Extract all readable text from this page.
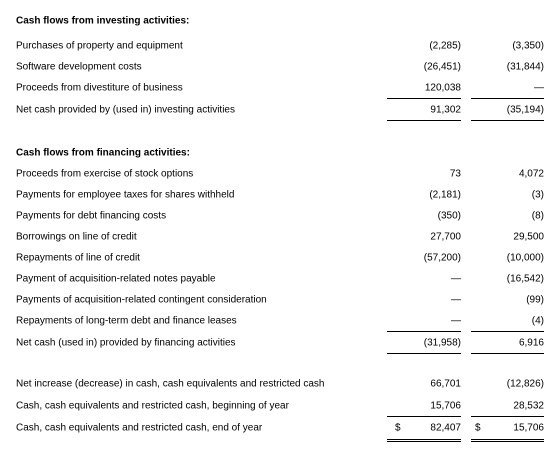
Cash flows from investing activities:
Purchases of property and equipment	(2,285)	(3,350)
Software development costs	(26,451)	(31,844)
Proceeds from divestiture of business	120,038	—
Net cash provided by (used in) investing activities	91,302	(35,194)
Cash flows from financing activities:
Proceeds from exercise of stock options	73	4,072
Payments for employee taxes for shares withheld	(2,181)	(3)
Payments for debt financing costs	(350)	(8)
Borrowings on line of credit	27,700	29,500
Repayments of line of credit	(57,200)	(10,000)
Payment of acquisition-related notes payable	—	(16,542)
Payments of acquisition-related contingent consideration	—	(99)
Repayments of long-term debt and finance leases	—	(4)
Net cash (used in) provided by financing activities	(31,958)	6,916
Net increase (decrease) in cash, cash equivalents and restricted cash	66,701	(12,826)
Cash, cash equivalents and restricted cash, beginning of year	15,706	28,532
Cash, cash equivalents and restricted cash, end of year	$	82,407 $	15,706
